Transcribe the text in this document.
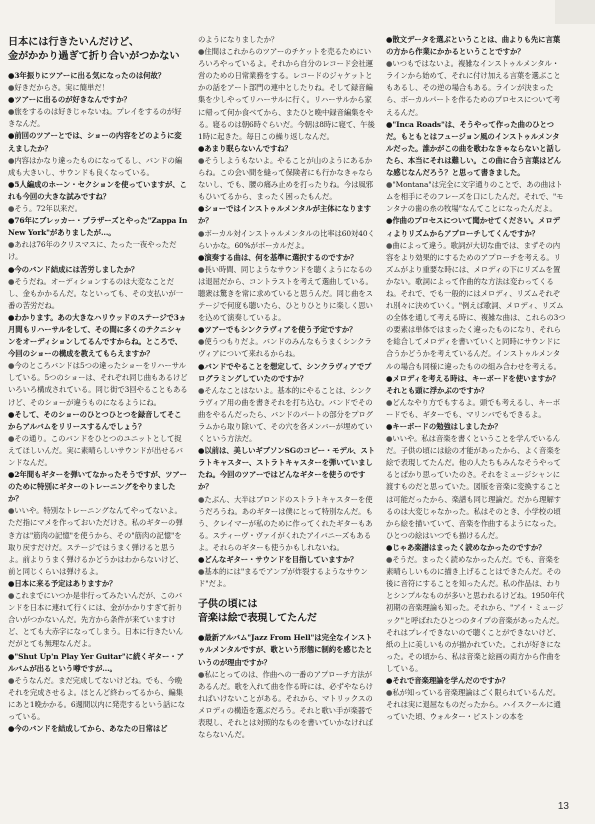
日本には行きたいんだけど、
金がかかり過ぎて折り合いがつかない

● 3年振りにツアーに出る気になったのは何故？

● 好きだからさ。実に簡単だ！

● ツアーに出るのが好きなんですか？

● 旅をするのは好きじゃないね。プレイをするのが好きなんだ。

● 前回のツアーとでは、ショーの内容をどのように変えましたか？

● 内容はかなり違ったものになってるし、バンドの編成も大きいし、サウンドも良くなっている。

● 5人編成のホーン・セクションを使っていますが、これも今回の大きな試みですね？

● そう。72年以来だ。

● 76年にブレッカー・ブラザーズとやった"Zappa In New York"がありましたが…。

● あれは76年のクリスマスに、たった一夜やっただけ。

● 今のバンド結成には苦労しましたか？

● そうだね。オーディションするのは大変なことだし、金もかかるんだ。なといっても、その支払いが一番の苦労だね。

● わかります。あの大きなハリウッドのステージで3ヵ月間もリハーサルをして、その間に多くのテクニシャンをオーディションしてるんですからね。ところで、今回のショーの構成を教えてもらえますか？

● 今のところバンドは5つの違ったショーをリハーサルしている。5つのショーは、それぞれ同じ曲もあるけどいろいろ構成されている。同じ街で3回やることもあるけど、そのショーが違うものになるようにね。

● そして、そのショーのひとつひとつを録音してそこからアルバムをリリースするんでしょう？

● その通り。このバンドをひとつのユニットとして捉えてほしいんだ。実に素晴らしいサウンドが出せるバンドなんだ。

● 2年間もギターを弾いてなかったそうですが、ツアーのために特別にギターのトレーニングをやりましたか？

● いいや。特別なトレーニングなんてやってないよ。ただ指にマメを作っておいただけさ。私のギターの弾き方は"筋肉の記憶"を使うから、その"筋肉の記憶"を取り戻すだけだ。ステージではうまく弾けると思うよ。前よりうまく弾けるかどうかはわからないけど、前と同じくらいは弾けるよ。

● 日本に来る予定はありますか？

● これまでにいつか是非行ってみたいんだが、このバンドを日本に連れて行くには、金がかかりすぎて折り合いがつかないんだ。先方から条件が来ていますけど、とても大赤字になってしまう。日本に行きたいんだがとても無理なんだよ。

● "Shut Up'n Play Yer Guitar"に続くギター・アルバムが出るという噂ですが…。

● そうなんだ。まだ完成してないけどね。でも、今晩それを完成させるよ。ほとんど終わってるから、編集にあと1晩かかる。6週間以内に発売するという話になっている。

● 今のバンドを結成してから、あなたの日常はど

のようになりましたか？

● 住間はこれからのツアーのチケットを売るためにいろいろやっているよ。それから自分のレコード会社運営のための日常業務をする。レコードのジャケットとかの話をアート部門の連中としたりね。そして録音編集を少しやってリハーサルに行く。リハーサルから家に帰って何か食べてから、またひと晩中録音編集をやる。寝るのは朝6時ぐらいだ。今朝は8時に寝て、午後1時に起きた。毎日この繰り返しなんだ。

● あまり眠らないんですね？

● そうしようもないよ。やることが山のようにあるからね。この会い間を縫って保険者にも行かなきゃならないし、でも、腰の痛み止めを打ったりね。今は風邪もひいてるから、まったく困ったもんだ。

● ショーではインストゥルメンタルが主体になりますか？

● ボーカル対インストゥルメンタルの比率は60対40くらいかな。60%がボーカルだよ。

● 演奏する曲は、何を基準に選択するのですか？

● 長い時間、同じようなサウンドを聴くようになるのは退屈だから、コントラストを考えて選曲している。聴衆は驚きを常に求めていると思うんだ。同じ曲をステージで何度も聴いたら、ひとりひとりに楽しく思いを込めて演奏しているよ。

● ツアーでもシンクラヴィアを使う予定ですか？

● 使うつもりだよ。バンドのみんなもうまくシンクラヴィアについて来れるからね。

● バンドでやることを想定して、シンクラヴィアでプログラミングしていたのですか？

● そんなことはないよ。基本的にやることは、シンクラヴィア用の曲を書きそれを打ち込む。バンドでその曲をやるんだったら、バンドのパートの部分をプログラムから取り除いて、その穴を各メンバーが埋めていくという方法だ。

● 以前は、美しいギブソンSGのコピー・モデル、ストラトキャスター、ストラトキャスターを弾いていましたね。今回のツアーではどんなギターを使うのですか？

● たぶん、大半はブロンドのストラトキャスターを使うだろうね。あのギターは僕にとって特別なんだ。もう、クレイマーが私のために作ってくれたギターもある。スティーヴ・ヴァイがくれたアイバニーズもあるよ。それらのギターも使うかもしれないね。

● どんなギター・サウンドを目指していますか？

● 基本的には"まるでアンプが炸裂するようなサウンド"だよ。

子供の頃には
音楽は絵で表現してたんだ

● 最新アルバム"Jazz From Hell"は完全なインストゥルメンタルですが、歌という形態に制約を感じたというのが理由ですか？

● 私にとってのは、作曲への一番のアプローチ方法があるんだ。歌を入れて曲を作る時には、必ずやならければいけないことがある。それから、マトリックスのメロディの構造を選ぶだろう。それと歌い手が楽器で表現し、それとは対照的なものを書いていかなければならないんだ。

● 散文データを選ぶということは、曲よりも先に言葉の方から作業にかかるということですか？

● いつもではないよ。複雑なインストゥルメンタル・ラインから始めて、それに付け加える言葉を選ぶこともあるし、その逆の場合もある。ラインが決まったら、ボーカルパートを作るためのプロセスについて考えるんだ。

● "Inca Roads"は、そうやって作った曲のひとつだ。もともとはフュージョン風のインストゥルメンタルだった。誰かがこの曲を歌わなきゃならないと話したら、本当にそれは難しい。この曲に合う言葉はどんな感じなんだろう？と思って書きました。

● "Montana"は完全に文字通りのことで、あの曲はトムを相手にそのフレーズを口にしたんだ。それで、"モンタナの歯の糸の牧場"なんてことになったんだよ。

● 作曲のプロセスについて聞かせてください。メロディよりリズムからアプローチしてくんですか？

● 曲によって違う。歌詞が大切な曲では、まずその内容をより効果的にするためのアプローチを考える。リズムがより重要な時には、メロディの下にリズムを置かない。歌詞によって作曲的な方法は変わってくるね。それで、でも一般的にはメロディ、リズムそれぞれ別々に決めていく。"例えば歌詞、メロディ、リズムの全体を通して考える時に、複雑な曲は、これらの3つの要素は単体ではまったく違ったものになり、それらを総合してメロディを書いていくと同時にサウンドに合うかどうかを考えているんだ。インストゥルメンタルの場合も同様に違ったものの組み合わせを考える。

● メロディを考える時は、キーボードを使いますか？ それとも頭に浮かぶのですか？

● どんなやり方でもするよ。頭でも考えるし、キーボードでも、ギターでも、マリンバでもできるよ。

● キーボードの勉強はしましたか？

● いいや。私は音楽を書くということを学んでいるんだ。子供の頃には絵の才能があったから、よく音楽を絵で表現してたんだ。他の人たちもみんなそうやってるとばかり思っていたのさ。それをミュージシャンに渡すものだと思っていた。図版を音楽に変換することは可能だったから、楽譜も同じ理論だ。だから理解するのは大変じゃなかった。私はそのとき、小学校の頃から絵を描いていて、音楽を作曲するようになった。ひとつの絵はいつでも描けるんだ。

● じゃあ楽譜はまったく読めなかったのですか？

● そうだ。まったく読めなかったんだ。でも、音楽を素晴らしいものに描き上げることはできたんだ。その後に音符にすることを知ったんだ。私の作品は、わりとシンプルなものが多いと思われるけどね。1950年代初期の音楽理論も知った。それから、"アイ・ミュージック"と呼ばれたひとつのタイプの音楽があったんだ。それはプレイできないので聴くことができないけど、紙の上に美しいものが描かれていた。これが好きになった。その頃から、私は音楽と絵画の両方から作曲をしている。

● それで音楽理論を学んだのですか？

● 私が知っている音楽理論はごく限られているんだ。それは実に退屈なものだったから。ハイスクールに通っていた頃、ウォルター・ピストンの本を

13
